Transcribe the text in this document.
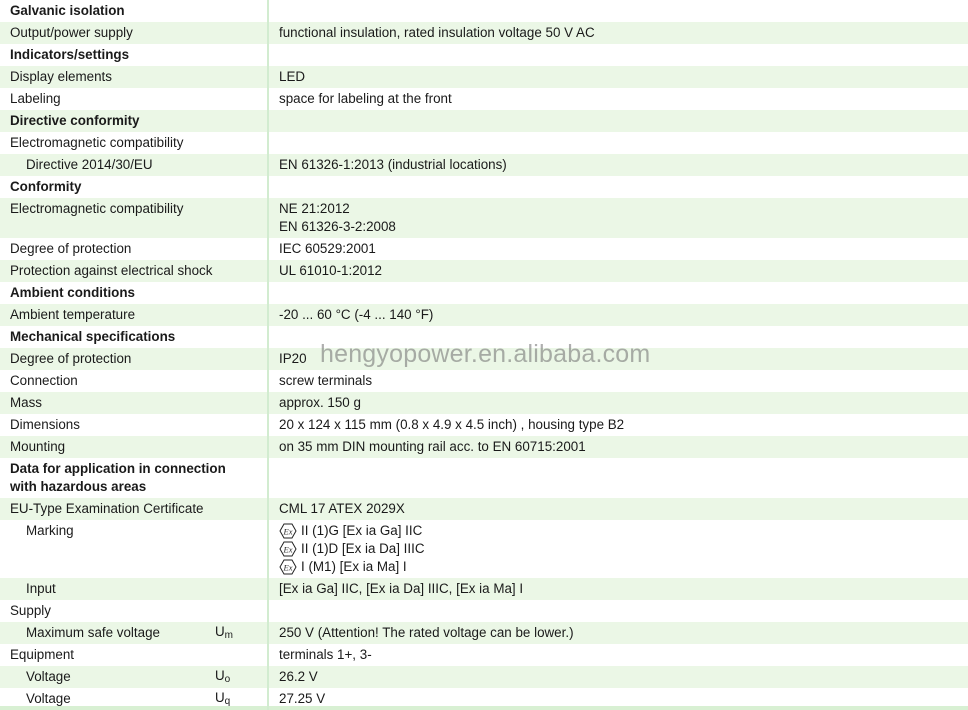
Galvanic isolation
Output/power supply	functional insulation, rated insulation voltage 50 V AC
Indicators/settings
Display elements	LED
Labeling	space for labeling at the front
Directive conformity
Electromagnetic compatibility
Directive 2014/30/EU	EN 61326-1:2013 (industrial locations)
Conformity
Electromagnetic compatibility	NE 21:2012
EN 61326-3-2:2008
Degree of protection	IEC 60529:2001
Protection against electrical shock	UL 61010-1:2012
Ambient conditions
Ambient temperature	-20 ... 60 °C (-4 ... 140 °F)
Mechanical specifications
Degree of protection	IP20
Connection	screw terminals
Mass	approx. 150 g
Dimensions	20 x 124 x 115 mm (0.8 x 4.9 x 4.5 inch) , housing type B2
Mounting	on 35 mm DIN mounting rail acc. to EN 60715:2001
Data for application in connection with hazardous areas
EU-Type Examination Certificate	CML 17 ATEX 2029X
Marking	Ex II (1)G [Ex ia Ga] IIC
Ex II (1)D [Ex ia Da] IIIC
Ex I (M1) [Ex ia Ma] I
Input	[Ex ia Ga] IIC, [Ex ia Da] IIIC, [Ex ia Ma] I
Supply
Maximum safe voltage	$U_m$	250 V (Attention! The rated voltage can be lower.)
Equipment	terminals 1+, 3-
Voltage	$U_o$	26.2 V
Voltage	$U_q$	27.25 V
hengyopower.en.alibaba.com
